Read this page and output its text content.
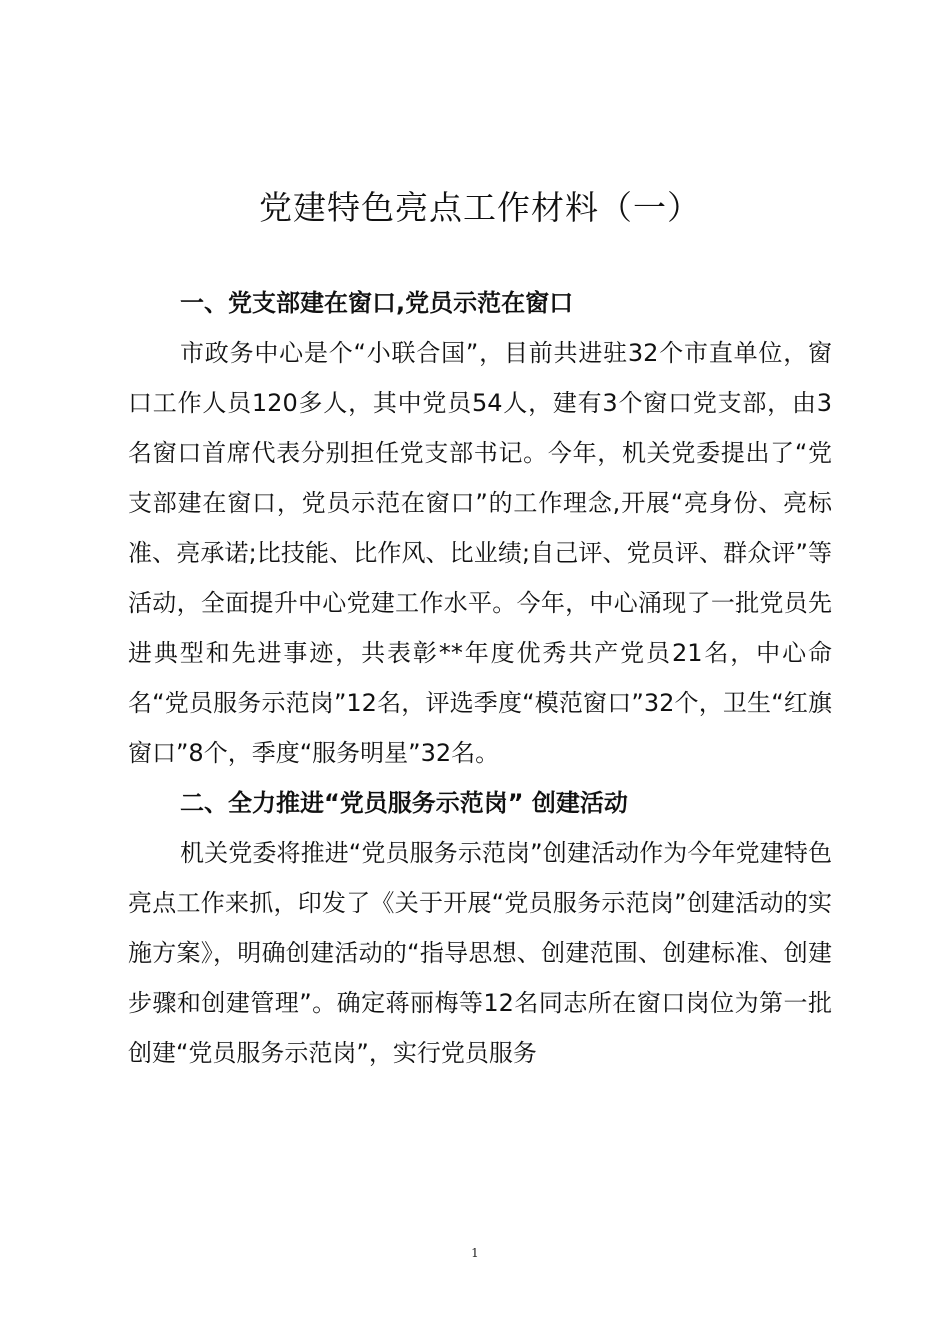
党建特色亮点工作材料（一）
一、党支部建在窗口,党员示范在窗口

市政务中心是个“小联合国”，目前共进驻32个市直单位，窗口工作人员120多人，其中党员54人，建有3个窗口党支部，由3名窗口首席代表分别担任党支部书记。今年，机关党委提出了“党支部建在窗口，党员示范在窗口”的工作理念,开展“亮身份、亮标准、亮承诺;比技能、比作风、比业绩;自己评、党员评、群众评”等活动，全面提升中心党建工作水平。今年，中心涌现了一批党员先进典型和先进事迹，共表彰**年度优秀共产党员21名，中心命名“党员服务示范岗”12名，评选季度“模范窗口”32个，卫生“红旗窗口”8个，季度“服务明星”32名。

二、全力推进“党员服务示范岗” 创建活动

机关党委将推进“党员服务示范岗”创建活动作为今年党建特色亮点工作来抓，印发了《关于开展“党员服务示范岗”创建活动的实施方案》，明确创建活动的“指导思想、创建范围、创建标准、创建步骤和创建管理”。确定蒋丽梅等12名同志所在窗口岗位为第一批创建“党员服务示范岗”，实行党员服务

1
